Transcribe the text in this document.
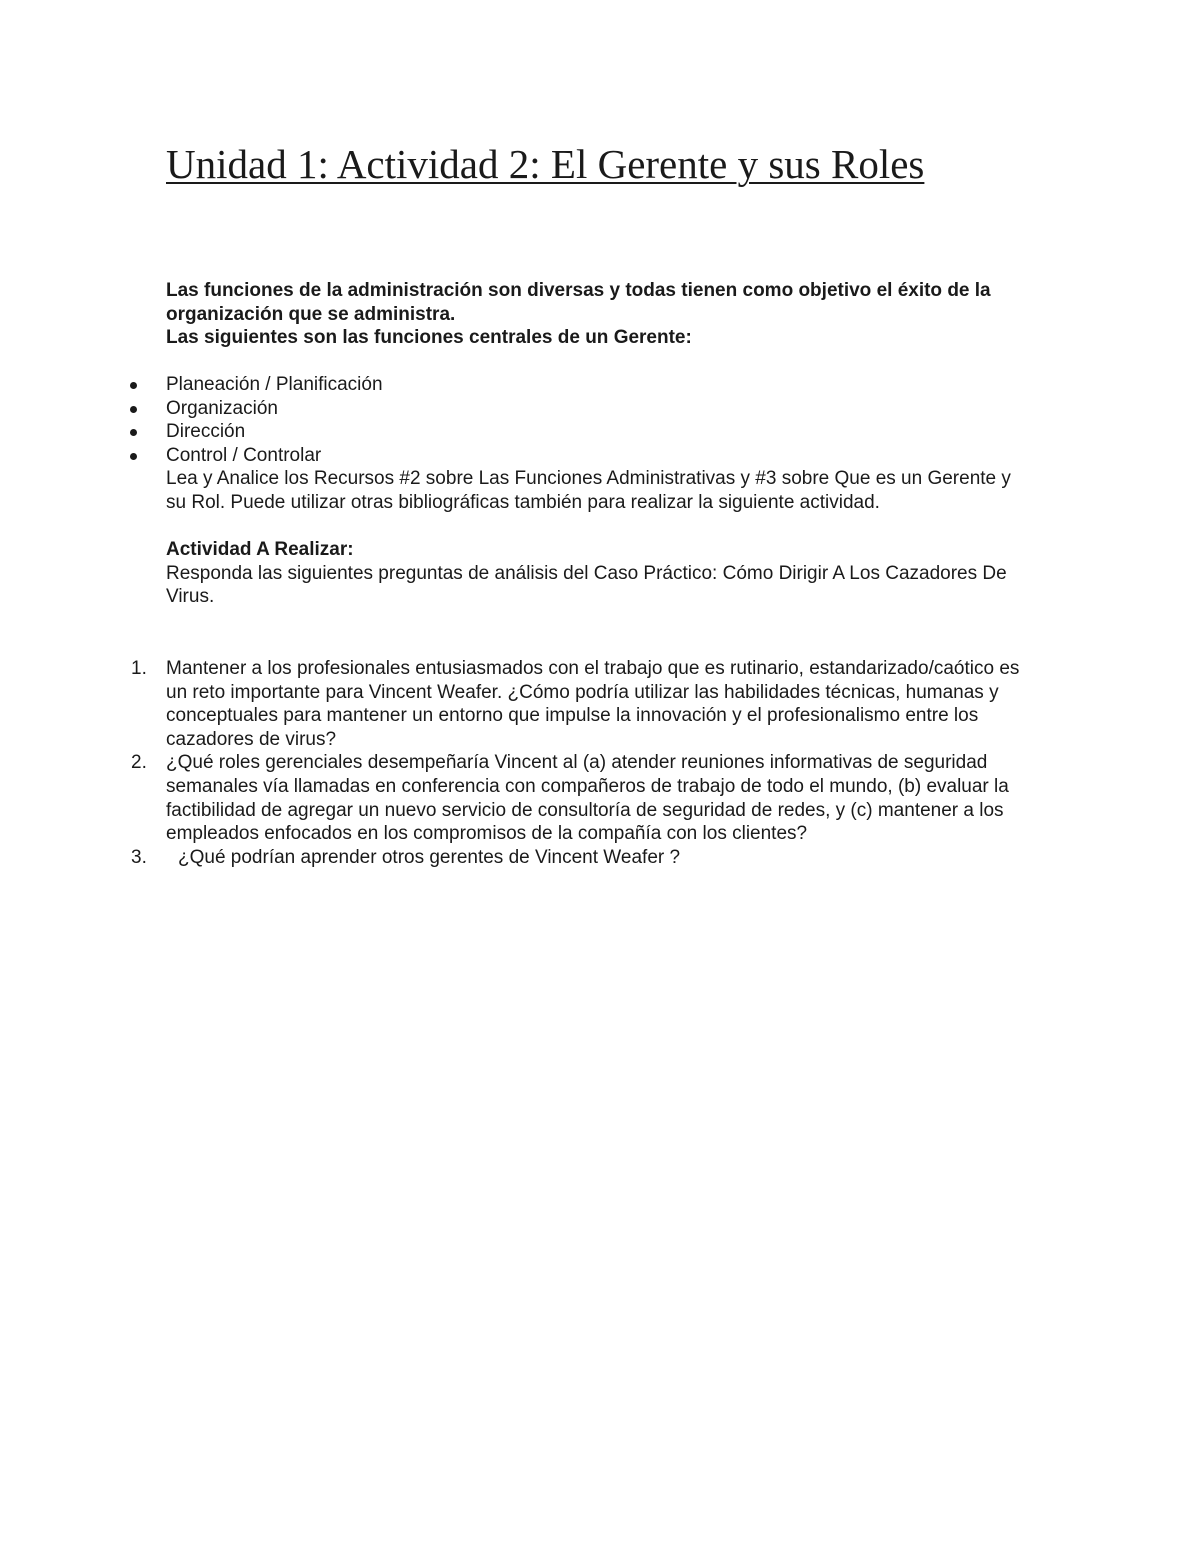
Unidad 1: Actividad 2: El Gerente y sus Roles
Las funciones de la administración son diversas y todas tienen como objetivo el éxito de la organización que se administra.
Las siguientes son las funciones centrales de un Gerente:
Planeación / Planificación
Organización
Dirección
Control / Controlar
Lea y Analice los Recursos #2 sobre Las Funciones Administrativas y #3 sobre Que es un Gerente y su Rol. Puede utilizar otras bibliográficas también para realizar la siguiente actividad.
Actividad A Realizar:
Responda las siguientes preguntas de análisis del Caso Práctico: Cómo Dirigir A Los Cazadores De Virus.
1. Mantener a los profesionales entusiasmados con el trabajo que es rutinario, estandarizado/caótico es un reto importante para Vincent Weafer. ¿Cómo podría utilizar las habilidades técnicas, humanas y conceptuales para mantener un entorno que impulse la innovación y el profesionalismo entre los cazadores de virus?
2. ¿Qué roles gerenciales desempeñaría Vincent al (a) atender reuniones informativas de seguridad semanales vía llamadas en conferencia con compañeros de trabajo de todo el mundo, (b) evaluar la factibilidad de agregar un nuevo servicio de consultoría de seguridad de redes, y (c) mantener a los empleados enfocados en los compromisos de la compañía con los clientes?
3. ¿Qué podrían aprender otros gerentes de Vincent Weafer ?
